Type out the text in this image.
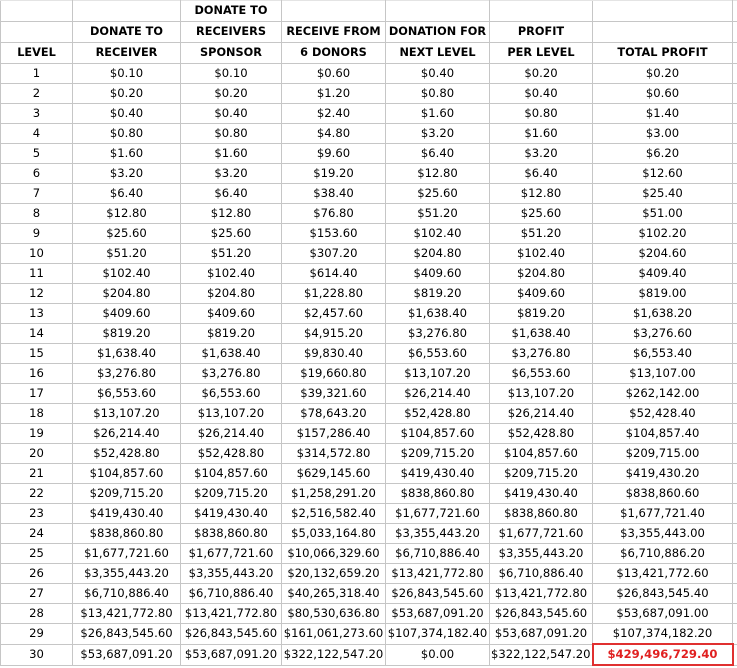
		DONATE TO					
	DONATE TO	RECEIVERS	RECEIVE FROM	DONATION FOR	PROFIT		
LEVEL	RECEIVER	SPONSOR	6 DONORS	NEXT LEVEL	PER LEVEL	TOTAL PROFIT	
1	$0.10	$0.10	$0.60	$0.40	$0.20	$0.20	
2	$0.20	$0.20	$1.20	$0.80	$0.40	$0.60	
3	$0.40	$0.40	$2.40	$1.60	$0.80	$1.40	
4	$0.80	$0.80	$4.80	$3.20	$1.60	$3.00	
5	$1.60	$1.60	$9.60	$6.40	$3.20	$6.20	
6	$3.20	$3.20	$19.20	$12.80	$6.40	$12.60	
7	$6.40	$6.40	$38.40	$25.60	$12.80	$25.40	
8	$12.80	$12.80	$76.80	$51.20	$25.60	$51.00	
9	$25.60	$25.60	$153.60	$102.40	$51.20	$102.20	
10	$51.20	$51.20	$307.20	$204.80	$102.40	$204.60	
11	$102.40	$102.40	$614.40	$409.60	$204.80	$409.40	
12	$204.80	$204.80	$1,228.80	$819.20	$409.60	$819.00	
13	$409.60	$409.60	$2,457.60	$1,638.40	$819.20	$1,638.20	
14	$819.20	$819.20	$4,915.20	$3,276.80	$1,638.40	$3,276.60	
15	$1,638.40	$1,638.40	$9,830.40	$6,553.60	$3,276.80	$6,553.40	
16	$3,276.80	$3,276.80	$19,660.80	$13,107.20	$6,553.60	$13,107.00	
17	$6,553.60	$6,553.60	$39,321.60	$26,214.40	$13,107.20	$262,142.00	
18	$13,107.20	$13,107.20	$78,643.20	$52,428.80	$26,214.40	$52,428.40	
19	$26,214.40	$26,214.40	$157,286.40	$104,857.60	$52,428.80	$104,857.40	
20	$52,428.80	$52,428.80	$314,572.80	$209,715.20	$104,857.60	$209,715.00	
21	$104,857.60	$104,857.60	$629,145.60	$419,430.40	$209,715.20	$419,430.20	
22	$209,715.20	$209,715.20	$1,258,291.20	$838,860.80	$419,430.40	$838,860.60	
23	$419,430.40	$419,430.40	$2,516,582.40	$1,677,721.60	$838,860.80	$1,677,721.40	
24	$838,860.80	$838,860.80	$5,033,164.80	$3,355,443.20	$1,677,721.60	$3,355,443.00	
25	$1,677,721.60	$1,677,721.60	$10,066,329.60	$6,710,886.40	$3,355,443.20	$6,710,886.20	
26	$3,355,443.20	$3,355,443.20	$20,132,659.20	$13,421,772.80	$6,710,886.40	$13,421,772.60	
27	$6,710,886.40	$6,710,886.40	$40,265,318.40	$26,843,545.60	$13,421,772.80	$26,843,545.40	
28	$13,421,772.80	$13,421,772.80	$80,530,636.80	$53,687,091.20	$26,843,545.60	$53,687,091.00	
29	$26,843,545.60	$26,843,545.60	$161,061,273.60	$107,374,182.40	$53,687,091.20	$107,374,182.20	
30	$53,687,091.20	$53,687,091.20	$322,122,547.20	$0.00	$322,122,547.20	$429,496,729.40	
